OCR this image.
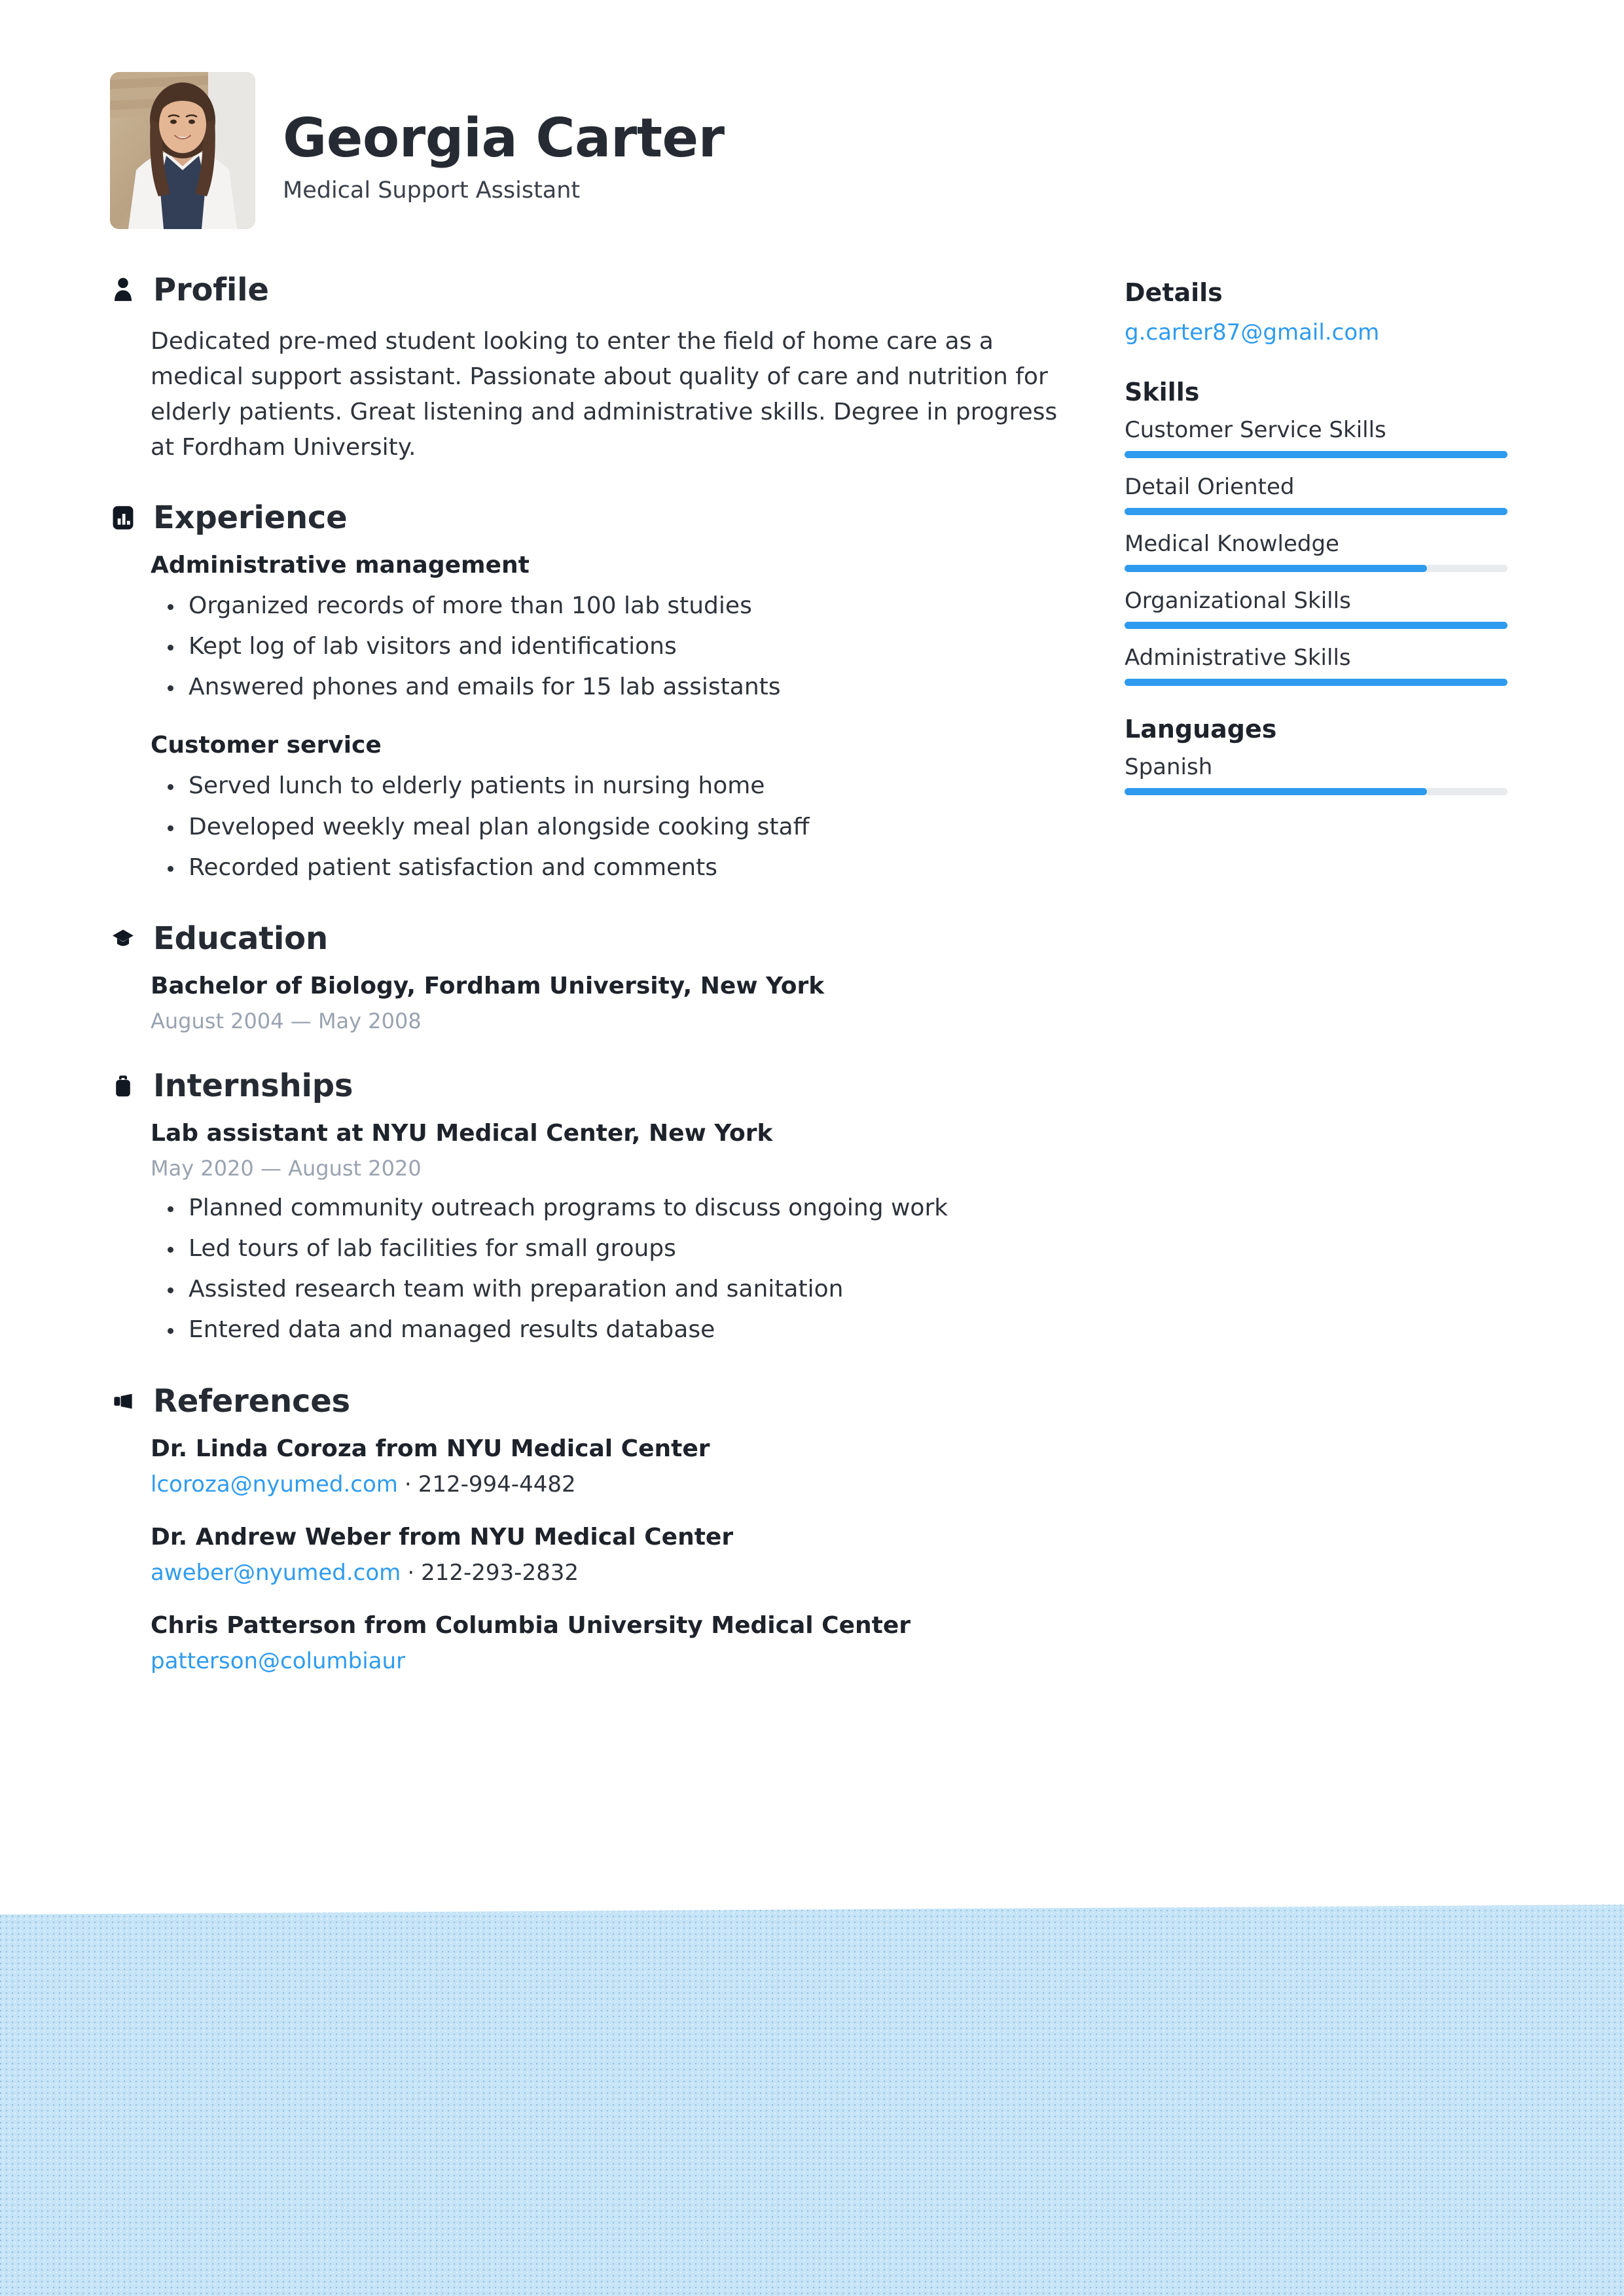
Georgia Carter
Medical Support Assistant
Profile
Dedicated pre-med student looking to enter the field of home care as a medical support assistant. Passionate about quality of care and nutrition for elderly patients. Great listening and administrative skills. Degree in progress at Fordham University.
Experience
Administrative management
Organized records of more than 100 lab studies
Kept log of lab visitors and identifications
Answered phones and emails for 15 lab assistants
Customer service
Served lunch to elderly patients in nursing home
Developed weekly meal plan alongside cooking staff
Recorded patient satisfaction and comments
Education
Bachelor of Biology, Fordham University, New York
August 2004 — May 2008
Internships
Lab assistant at NYU Medical Center, New York
May 2020 — August 2020
Planned community outreach programs to discuss ongoing work
Led tours of lab facilities for small groups
Assisted research team with preparation and sanitation
Entered data and managed results database
References
Dr. Linda Coroza from NYU Medical Center
lcoroza@nyumed.com · 212-994-4482
Dr. Andrew Weber from NYU Medical Center
aweber@nyumed.com · 212-293-2832
Chris Patterson from Columbia University Medical Center
patterson@columbiaur
Details
g.carter87@gmail.com
Skills
Customer Service Skills
Detail Oriented
Medical Knowledge
Organizational Skills
Administrative Skills
Languages
Spanish
